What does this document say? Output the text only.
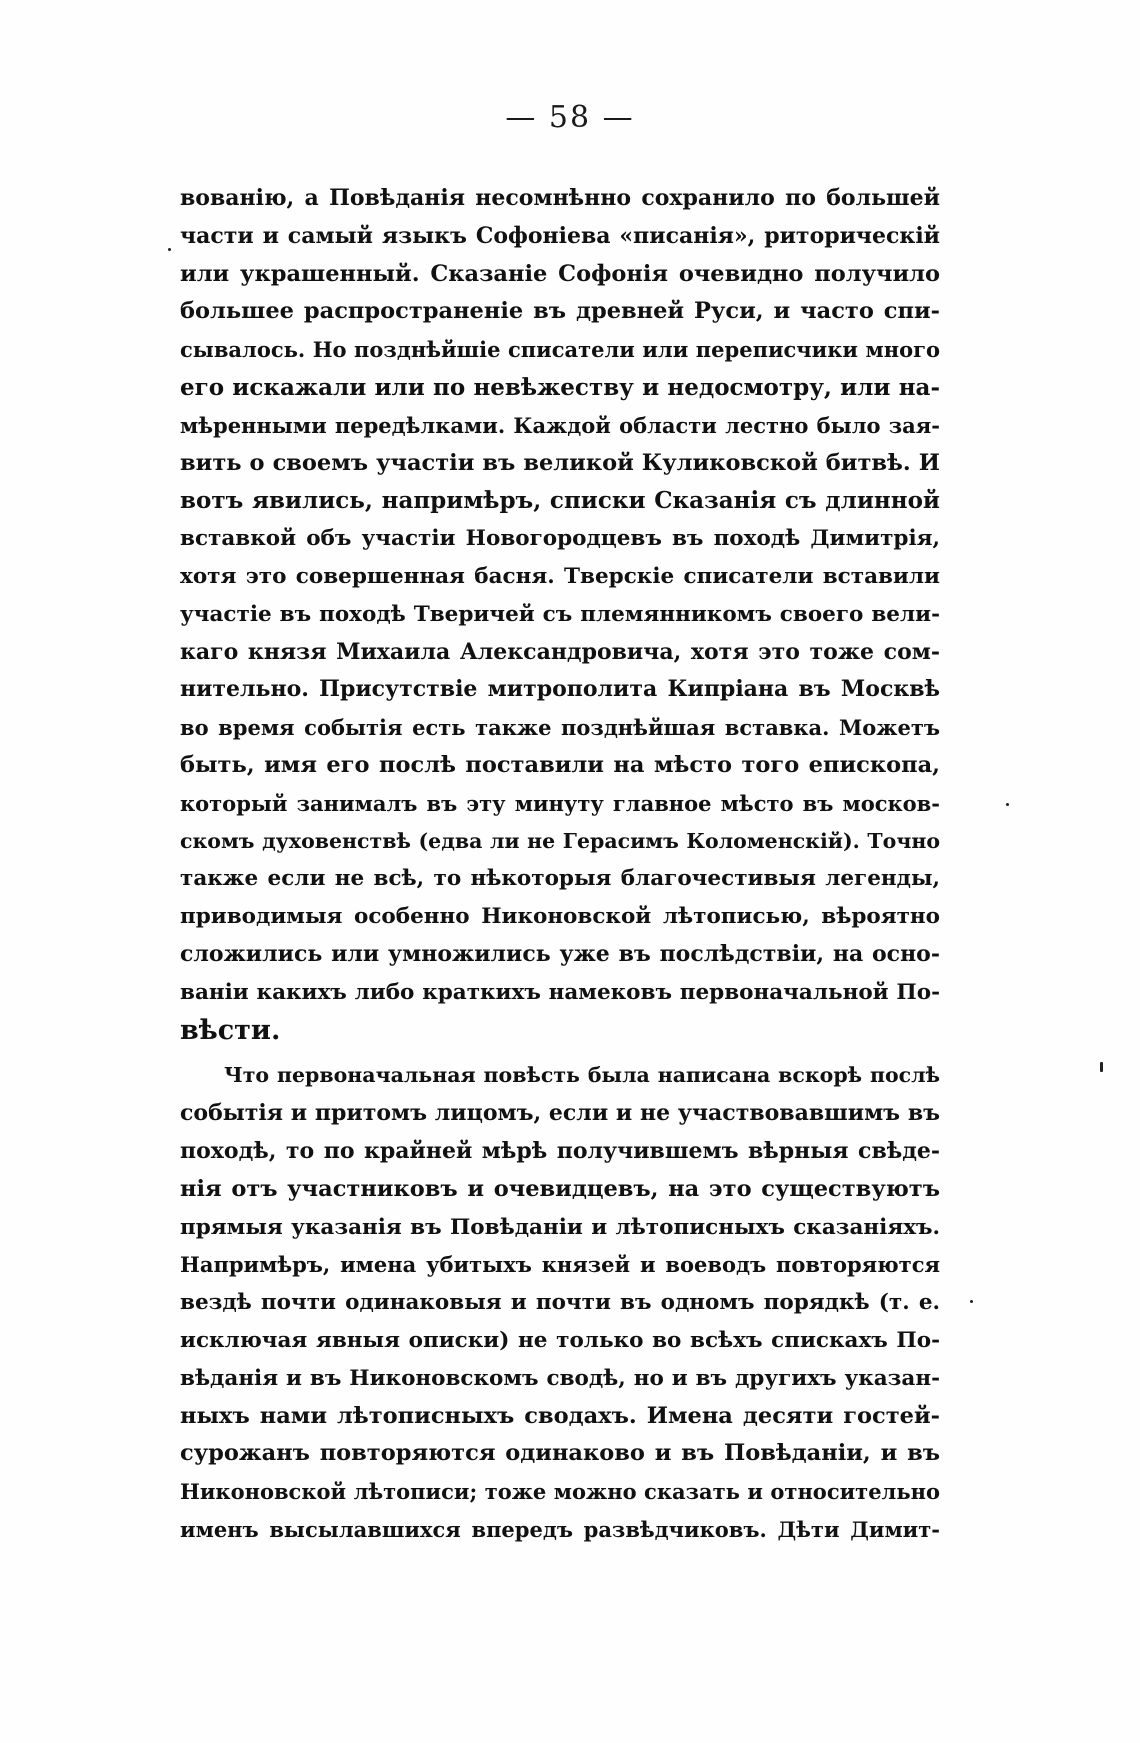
— 58 —
вованію, а Повѣданія несомнѣнно сохранило по большей
части и самый языкъ Софоніева «писанія», риторическій
или украшенный. Сказаніе Софонія очевидно получило
большее распространеніе въ древней Руси, и часто спи-
сывалось. Но позднѣйшіе списатели или переписчики много
его искажали или по невѣжеству и недосмотру, или на-
мѣренными передѣлками. Каждой области лестно было зая-
вить о своемъ участіи въ великой Куликовской битвѣ. И
вотъ явились, напримѣръ, списки Сказанія съ длинной
вставкой объ участіи Новогородцевъ въ походѣ Димитрія,
хотя это совершенная басня. Тверскіе списатели вставили
участіе въ походѣ Тверичей съ племянникомъ своего вели-
каго князя Михаила Александровича, хотя это тоже сом-
нительно. Присутствіе митрополита Кипріана въ Москвѣ
во время событія есть также позднѣйшая вставка. Можетъ
быть, имя его послѣ поставили на мѣсто того епископа,
который занималъ въ эту минуту главное мѣсто въ москов-
скомъ духовенствѣ (едва ли не Герасимъ Коломенскій). Точно
также если не всѣ, то нѣкоторыя благочестивыя легенды,
приводимыя особенно Никоновской лѣтописью, вѣроятно
сложились или умножились уже въ послѣдствіи, на осно-
ваніи какихъ либо краткихъ намековъ первоначальной По-
вѣсти.
Что первоначальная повѣсть была написана вскорѣ послѣ
событія и притомъ лицомъ, если и не участвовавшимъ въ
походѣ, то по крайней мѣрѣ получившемъ вѣрныя свѣде-
нія отъ участниковъ и очевидцевъ, на это существуютъ
прямыя указанія въ Повѣданіи и лѣтописныхъ сказаніяхъ.
Напримѣръ, имена убитыхъ князей и воеводъ повторяются
вездѣ почти одинаковыя и почти въ одномъ порядкѣ (т. е.
исключая явныя описки) не только во всѣхъ спискахъ По-
вѣданія и въ Никоновскомъ сводѣ, но и въ другихъ указан-
ныхъ нами лѣтописныхъ сводахъ. Имена десяти гостей-
сурожанъ повторяются одинаково и въ Повѣданіи, и въ
Никоновской лѣтописи; тоже можно сказать и относительно
именъ высылавшихся впередъ развѣдчиковъ. Дѣти Димит-
